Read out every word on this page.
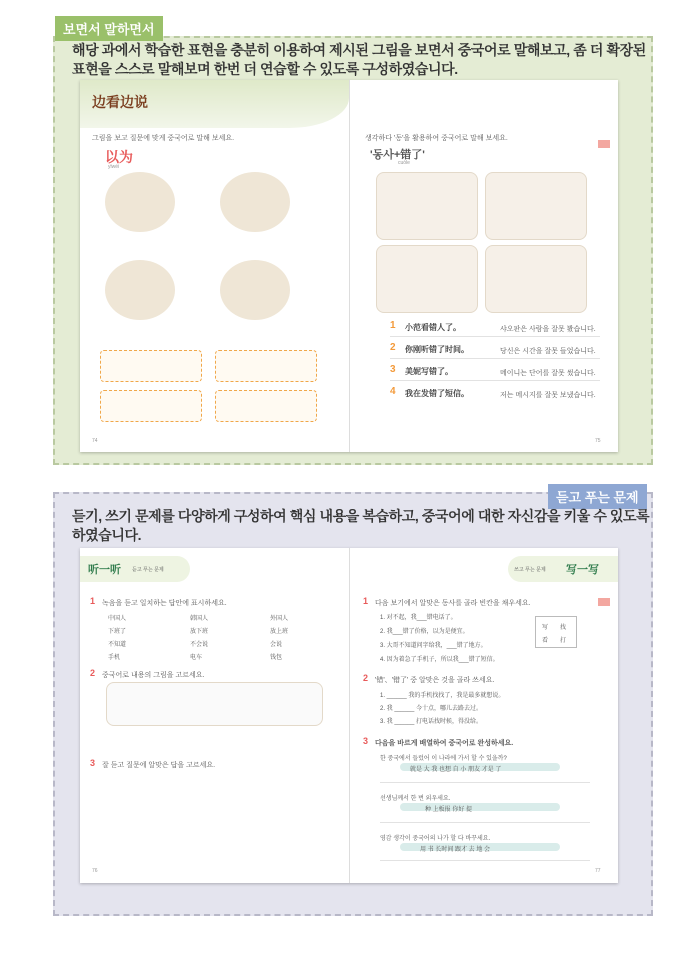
보면서 말하면서
해당 과에서 학습한 표현을 충분히 이용하여 제시된 그림을 보면서 중국어로 말해보고, 좀 더 확장된 표현을 스스로 말해보며 한번 더 연습할 수 있도록 구성하였습니다.
边看边说
그림을 보고 질문에 맞게 중국어로 말해 보세요.
以为
yǐwéi
생각하다 '동'을 활용하여 중국어로 말해 보세요.
'동사+错了'
cuòle
1 小范看错人了。	샤오판은 사람을 잘못 봤습니다.
2 你刚听错了时间。	당신은 시간을 잘못 들었습니다.
3 美妮写错了。	메이니는 단어를 잘못 썼습니다.
4 我在发错了短信。	저는 메시지를 잘못 보냈습니다.
74	75
듣고 푸는 문제
듣기, 쓰기 문제를 다양하게 구성하여 핵심 내용을 복습하고, 중국어에 대한 자신감을 키울 수 있도록 하였습니다.
听一听 듣고 푸는 문제	쓰고 푸는 문제 写一写
1 녹음을 듣고 일치하는 답안에 표시하세요.
中国人	韩国人	外国人
下班了	放下班	放上班
不知道	不会说	会说
手机	电车	钱包
2 중국어로 내용의 그림을 고르세요.
3 잘 듣고 질문에 알맞은 답을 고르세요.
76
1 다음 보기에서 알맞은 동사를 골라 빈칸을 채우세요.
1. 对不起，我___错电话了。
2. 我___错了价格，以为是便宜。
3. 大哥不知道问字给我，___错了地方。
4. 因为着急了手机子，所以我___错了短信。
写 找
看 打
2 '错'、'错了' 중 알맞은 것을 골라 쓰세요.
1. ______ 我的手机找找了，我是最多就想说。
2. 我 ______ 今十点，哪儿去路去过。
3. 我 ______ 打电话找时候，得没给。
3 다음을 바르게 배열하여 중국어로 완성하세요.
한 중국에서 들렀어 이 나라에 가서 할 수 있을까?
就是 大 我 也想 自 小 朋友 才是 了
선생님께서 한 번 외우세요.
种 上板报 你好 提
영감 생각이 중국어의 나가 할 다 바꾸세요.
用 书 长时间 跟才 去 地 会
77
